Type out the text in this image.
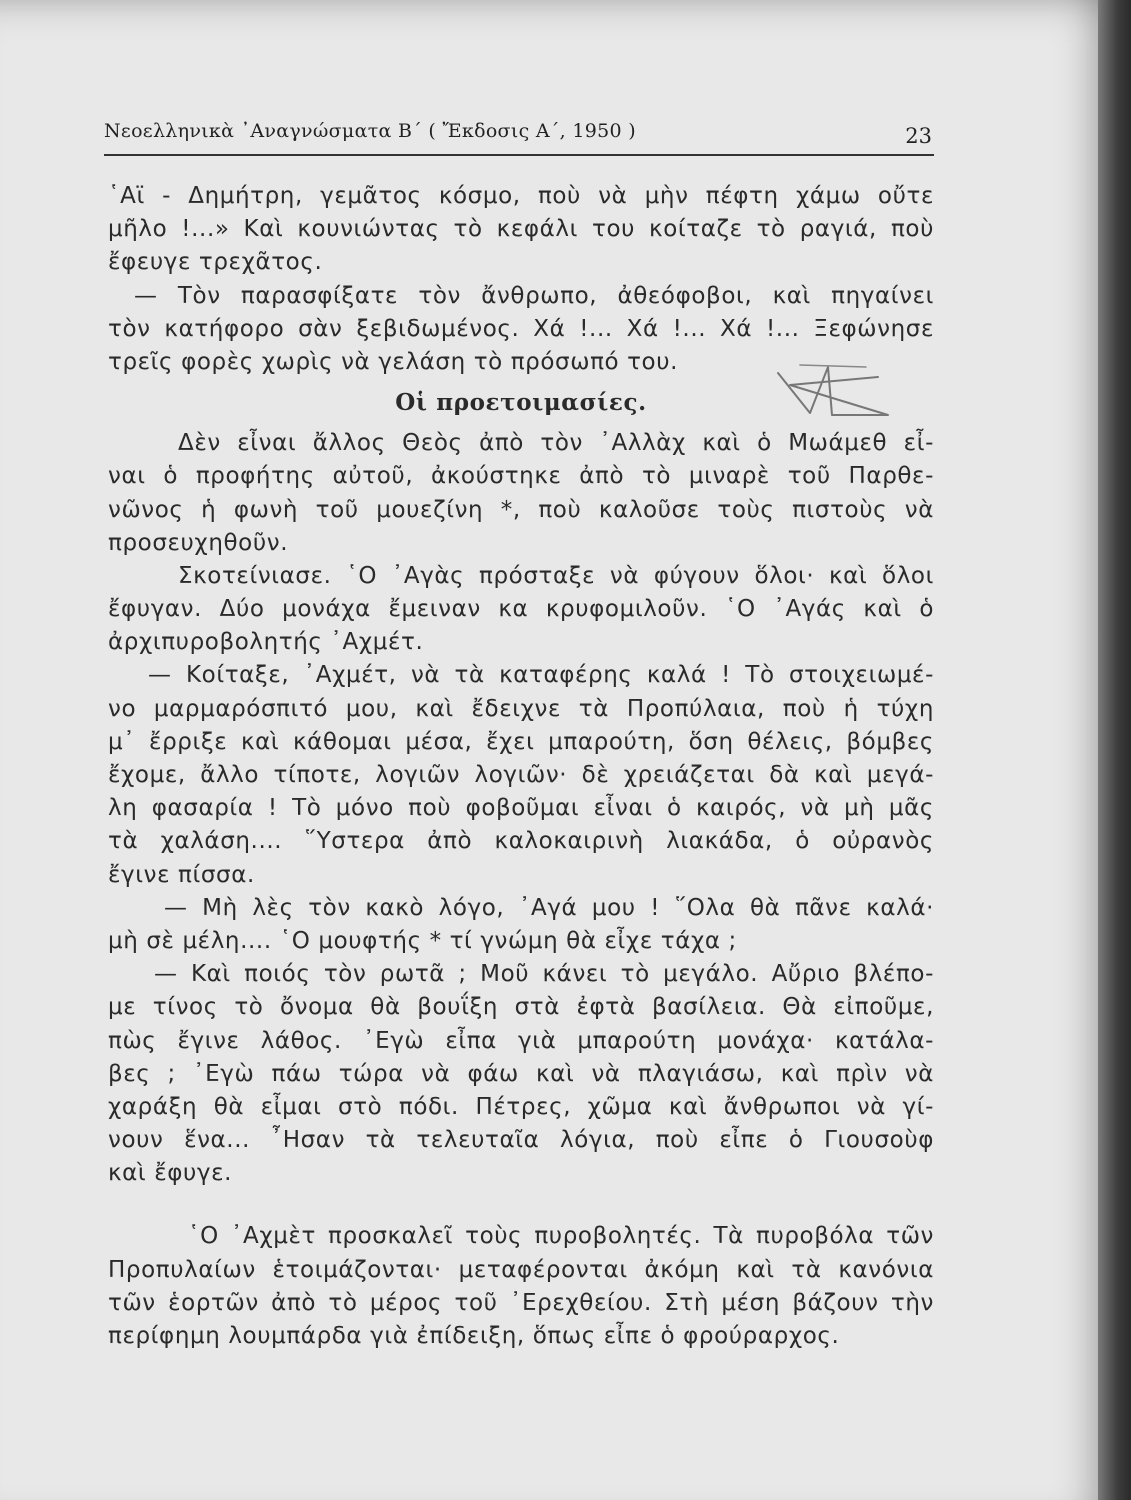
Νεοελληνικὰ ᾿Αναγνώσματα Β΄ ( Ἔκδοσις Α΄, 1950 )	23
῾Αϊ - Δημήτρη, γεμᾶτος κόσμο, ποὺ νὰ μὴν πέφτη χάμω οὔτε
μῆλο !...» Καὶ κουνιώντας τὸ κεφάλι του κοίταζε τὸ ραγιά, ποὺ
ἔφευγε τρεχᾶτος.
— Τὸν παρασφίξατε τὸν ἄνθρωπο, ἀθεόφοβοι, καὶ πηγαίνει
τὸν κατήφορο σὰν ξεβιδωμένος. Χά !... Χά !... Χά !... Ξεφώνησε
τρεῖς φορὲς χωρὶς νὰ γελάση τὸ πρόσωπό του.
Οἱ προετοιμασίες.
Δὲν εἶναι ἄλλος Θεὸς ἀπὸ τὸν ᾿Αλλὰχ καὶ ὁ Μωάμεθ εἶ-
ναι ὁ προφήτης αὐτοῦ, ἀκούστηκε ἀπὸ τὸ μιναρὲ τοῦ Παρθε-
νῶνος ἡ φωνὴ τοῦ μουεζίνη *, ποὺ καλοῦσε τοὺς πιστοὺς νὰ
προσευχηθοῦν.
Σκοτείνιασε. ῾Ο ᾿Αγὰς πρόσταξε νὰ φύγουν ὅλοι· καὶ ὅλοι
ἔφυγαν. Δύο μονάχα ἔμειναν κα κρυφομιλοῦν. ῾Ο ᾿Αγάς καὶ ὁ
ἀρχιπυροβολητής ᾿Αχμέτ.
— Κοίταξε, ᾿Αχμέτ, νὰ τὰ καταφέρης καλά ! Τὸ στοιχειωμέ-
νο μαρμαρόσπιτό μου, καὶ ἔδειχνε τὰ Προπύλαια, ποὺ ἡ τύχη
μ᾿ ἔρριξε καὶ κάθομαι μέσα, ἔχει μπαρούτη, ὅση θέλεις, βόμβες
ἔχομε, ἄλλο τίποτε, λογιῶν λογιῶν· δὲ χρειάζεται δὰ καὶ μεγά-
λη φασαρία ! Τὸ μόνο ποὺ φοβοῦμαι εἶναι ὁ καιρός, νὰ μὴ μᾶς
τὰ χαλάση.... ῞Υστερα ἀπὸ καλοκαιρινὴ λιακάδα, ὁ οὐρανὸς
ἔγινε πίσσα.
— Μὴ λὲς τὸν κακὸ λόγο, ᾿Αγά μου ! ῞Ολα θὰ πᾶνε καλά·
μὴ σὲ μέλη.... ῾Ο μουφτής * τί γνώμη θὰ εἶχε τάχα ;
— Καὶ ποιός τὸν ρωτᾶ ; Μοῦ κάνει τὸ μεγάλο. Αὔριο βλέπο-
με τίνος τὸ ὄνομα θὰ βουΐξη στὰ ἐφτὰ βασίλεια. Θὰ εἰποῦμε,
πὼς ἔγινε λάθος. ᾿Εγὼ εἶπα γιὰ μπαρούτη μονάχα· κατάλα-
βες ; ᾿Εγὼ πάω τώρα νὰ φάω καὶ νὰ πλαγιάσω, καὶ πρὶν νὰ
χαράξη θὰ εἶμαι στὸ πόδι. Πέτρες, χῶμα καὶ ἄνθρωποι νὰ γί-
νουν ἕνα... ῏Ησαν τὰ τελευταῖα λόγια, ποὺ εἶπε ὁ Γιουσοὺφ
καὶ ἔφυγε.
῾Ο ᾿Αχμὲτ προσκαλεῖ τοὺς πυροβολητές. Τὰ πυροβόλα τῶν
Προπυλαίων ἑτοιμάζονται· μεταφέρονται ἀκόμη καὶ τὰ κανόνια
τῶν ἑορτῶν ἀπὸ τὸ μέρος τοῦ ᾿Ερεχθείου. Στὴ μέση βάζουν τὴν
περίφημη λουμπάρδα γιὰ ἐπίδειξη, ὅπως εἶπε ὁ φρούραρχος.
